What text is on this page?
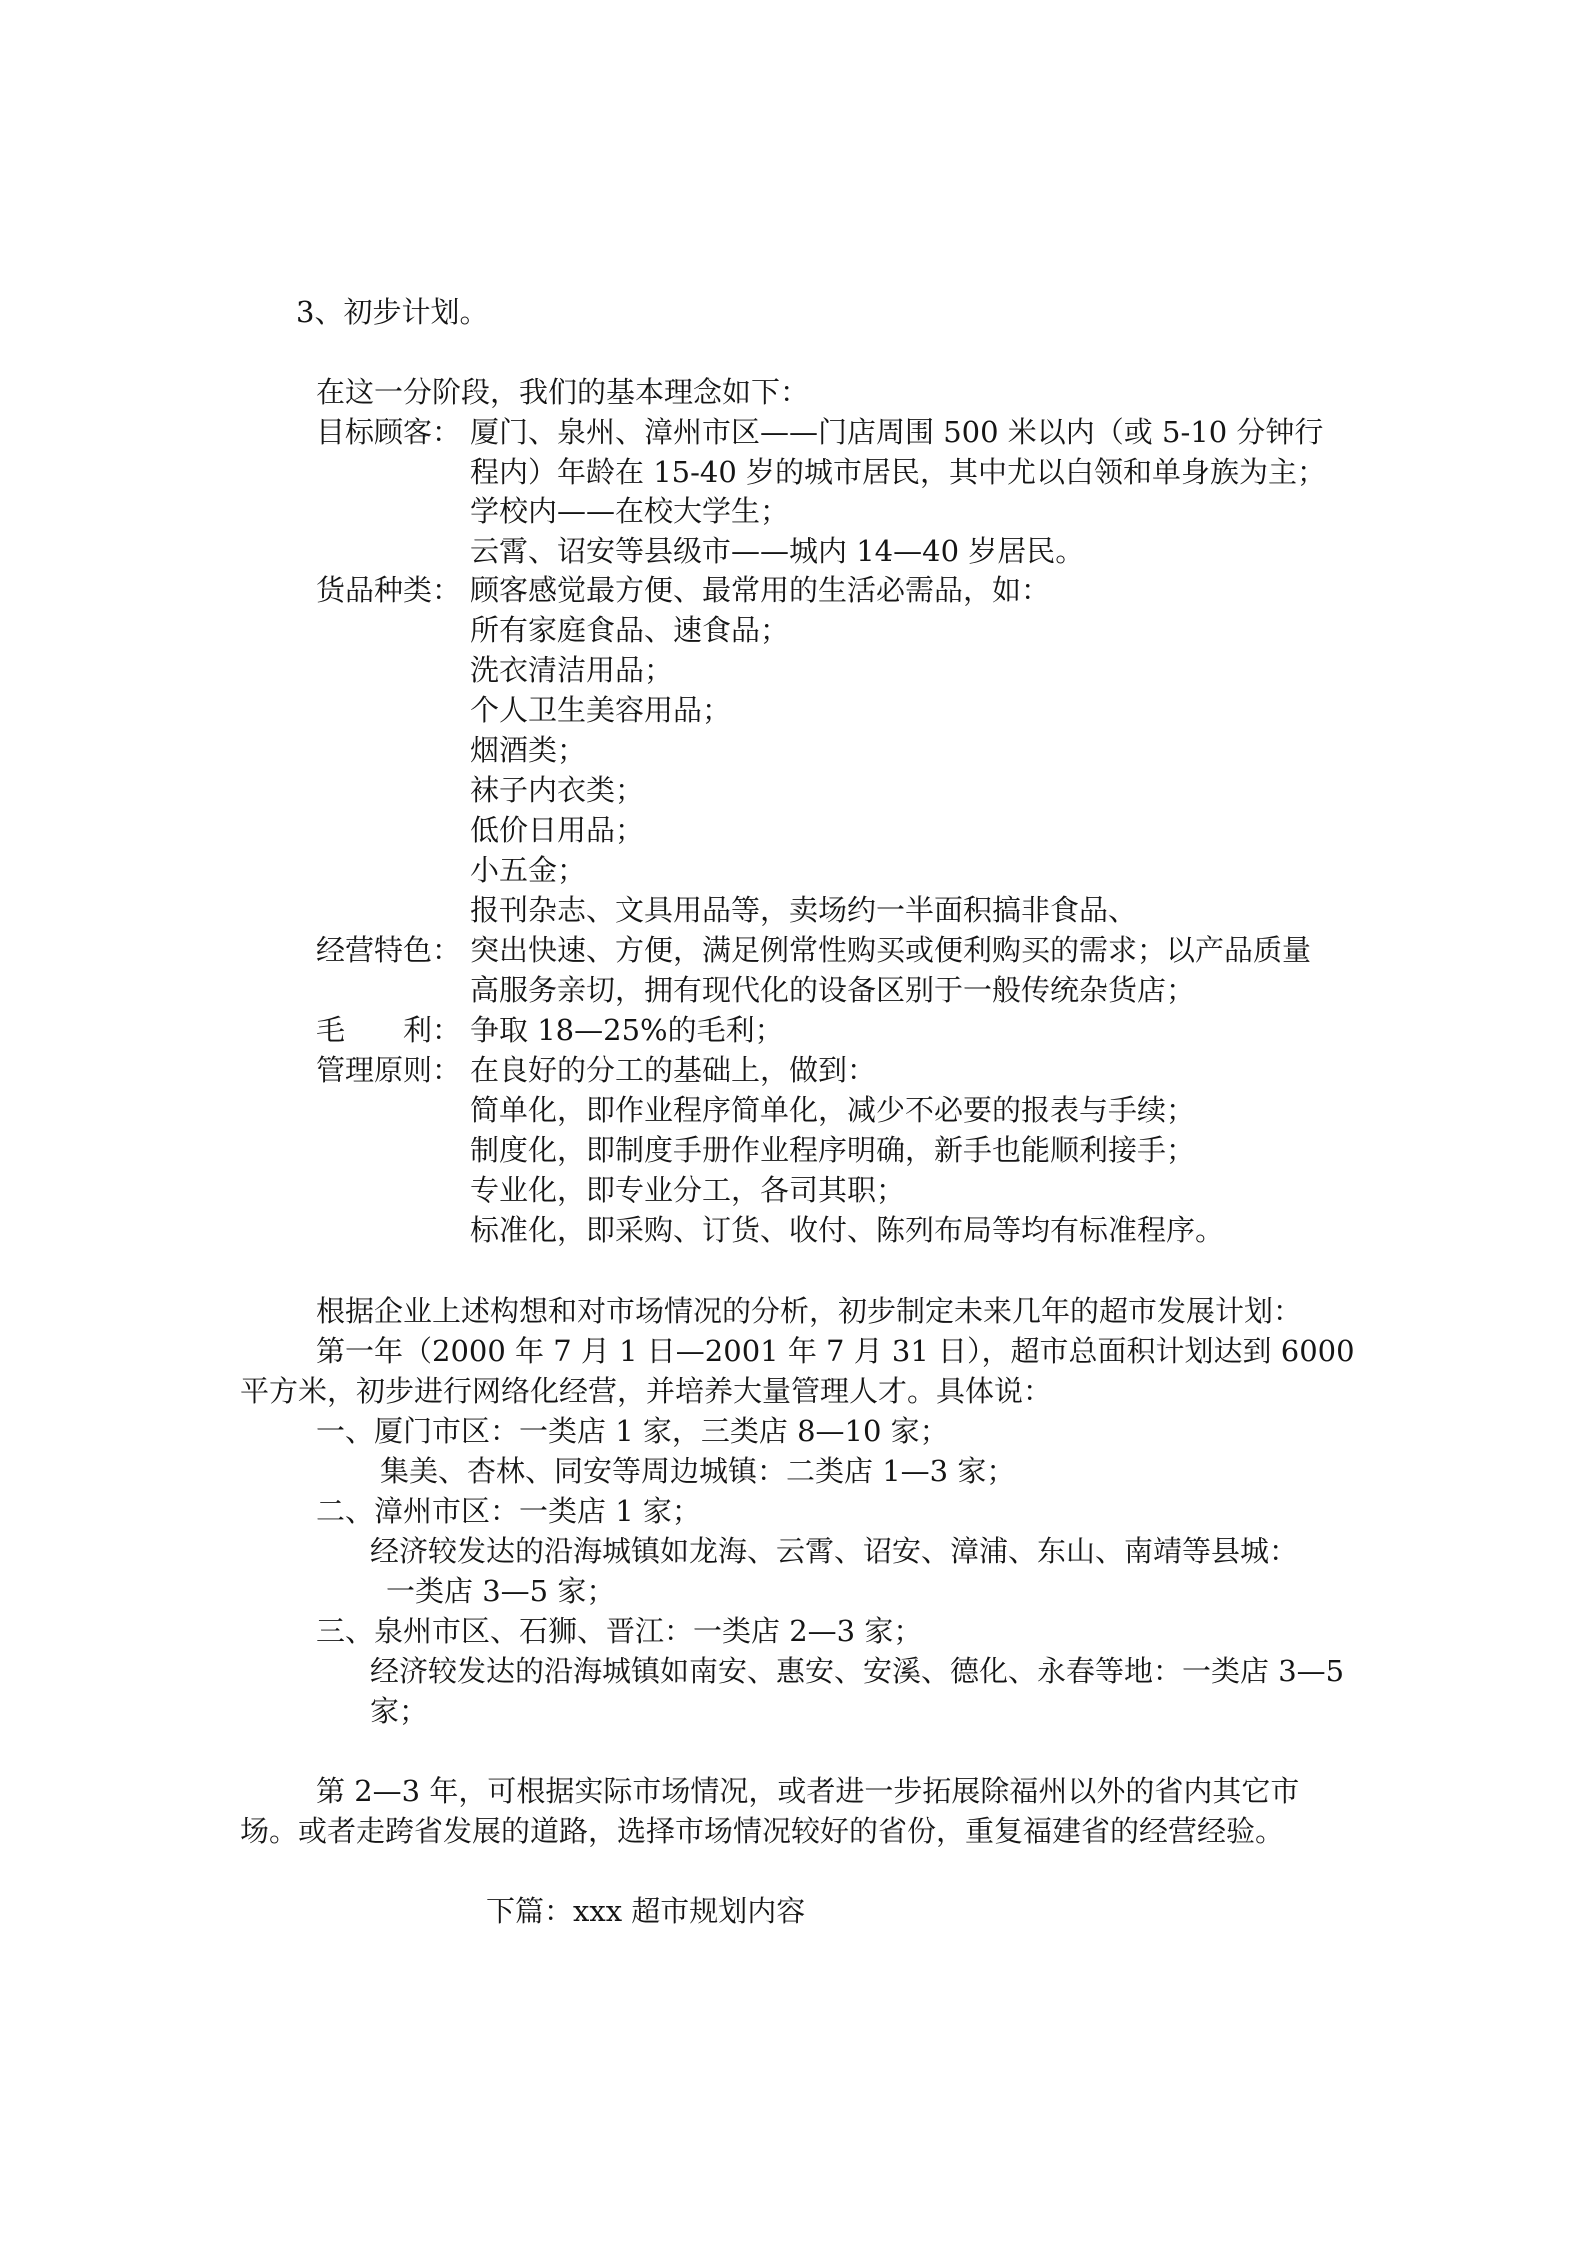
3、初步计划。
在这一分阶段，我们的基本理念如下：
目标顾客： 厦门、泉州、漳州市区——门店周围 500 米以内（或 5-10 分钟行
程内）年龄在 15-40 岁的城市居民，其中尤以白领和单身族为主；
学校内——在校大学生；
云霄、诏安等县级市——城内 14—40 岁居民。
货品种类： 顾客感觉最方便、最常用的生活必需品，如：
所有家庭食品、速食品；
洗衣清洁用品；
个人卫生美容用品；
烟酒类；
袜子内衣类；
低价日用品；
小五金；
报刊杂志、文具用品等，卖场约一半面积搞非食品、
经营特色： 突出快速、方便，满足例常性购买或便利购买的需求；以产品质量
高服务亲切，拥有现代化的设备区别于一般传统杂货店；
毛　　利： 争取 18—25%的毛利；
管理原则： 在良好的分工的基础上，做到：
简单化，即作业程序简单化，减少不必要的报表与手续；
制度化，即制度手册作业程序明确，新手也能顺利接手；
专业化，即专业分工，各司其职；
标准化，即采购、订货、收付、陈列布局等均有标准程序。
根据企业上述构想和对市场情况的分析，初步制定未来几年的超市发展计划：
第一年（2000 年 7 月 1 日—2001 年 7 月 31 日），超市总面积计划达到 6000
平方米，初步进行网络化经营，并培养大量管理人才。具体说：
一、厦门市区：一类店 1 家，三类店 8—10 家；
集美、杏林、同安等周边城镇：二类店 1—3 家；
二、漳州市区：一类店 1 家；
经济较发达的沿海城镇如龙海、云霄、诏安、漳浦、东山、南靖等县城：
一类店 3—5 家；
三、泉州市区、石狮、晋江：一类店 2—3 家；
经济较发达的沿海城镇如南安、惠安、安溪、德化、永春等地：一类店 3—5
家；
第 2—3 年，可根据实际市场情况，或者进一步拓展除福州以外的省内其它市
场。或者走跨省发展的道路，选择市场情况较好的省份，重复福建省的经营经验。
下篇：xxx 超市规划内容
